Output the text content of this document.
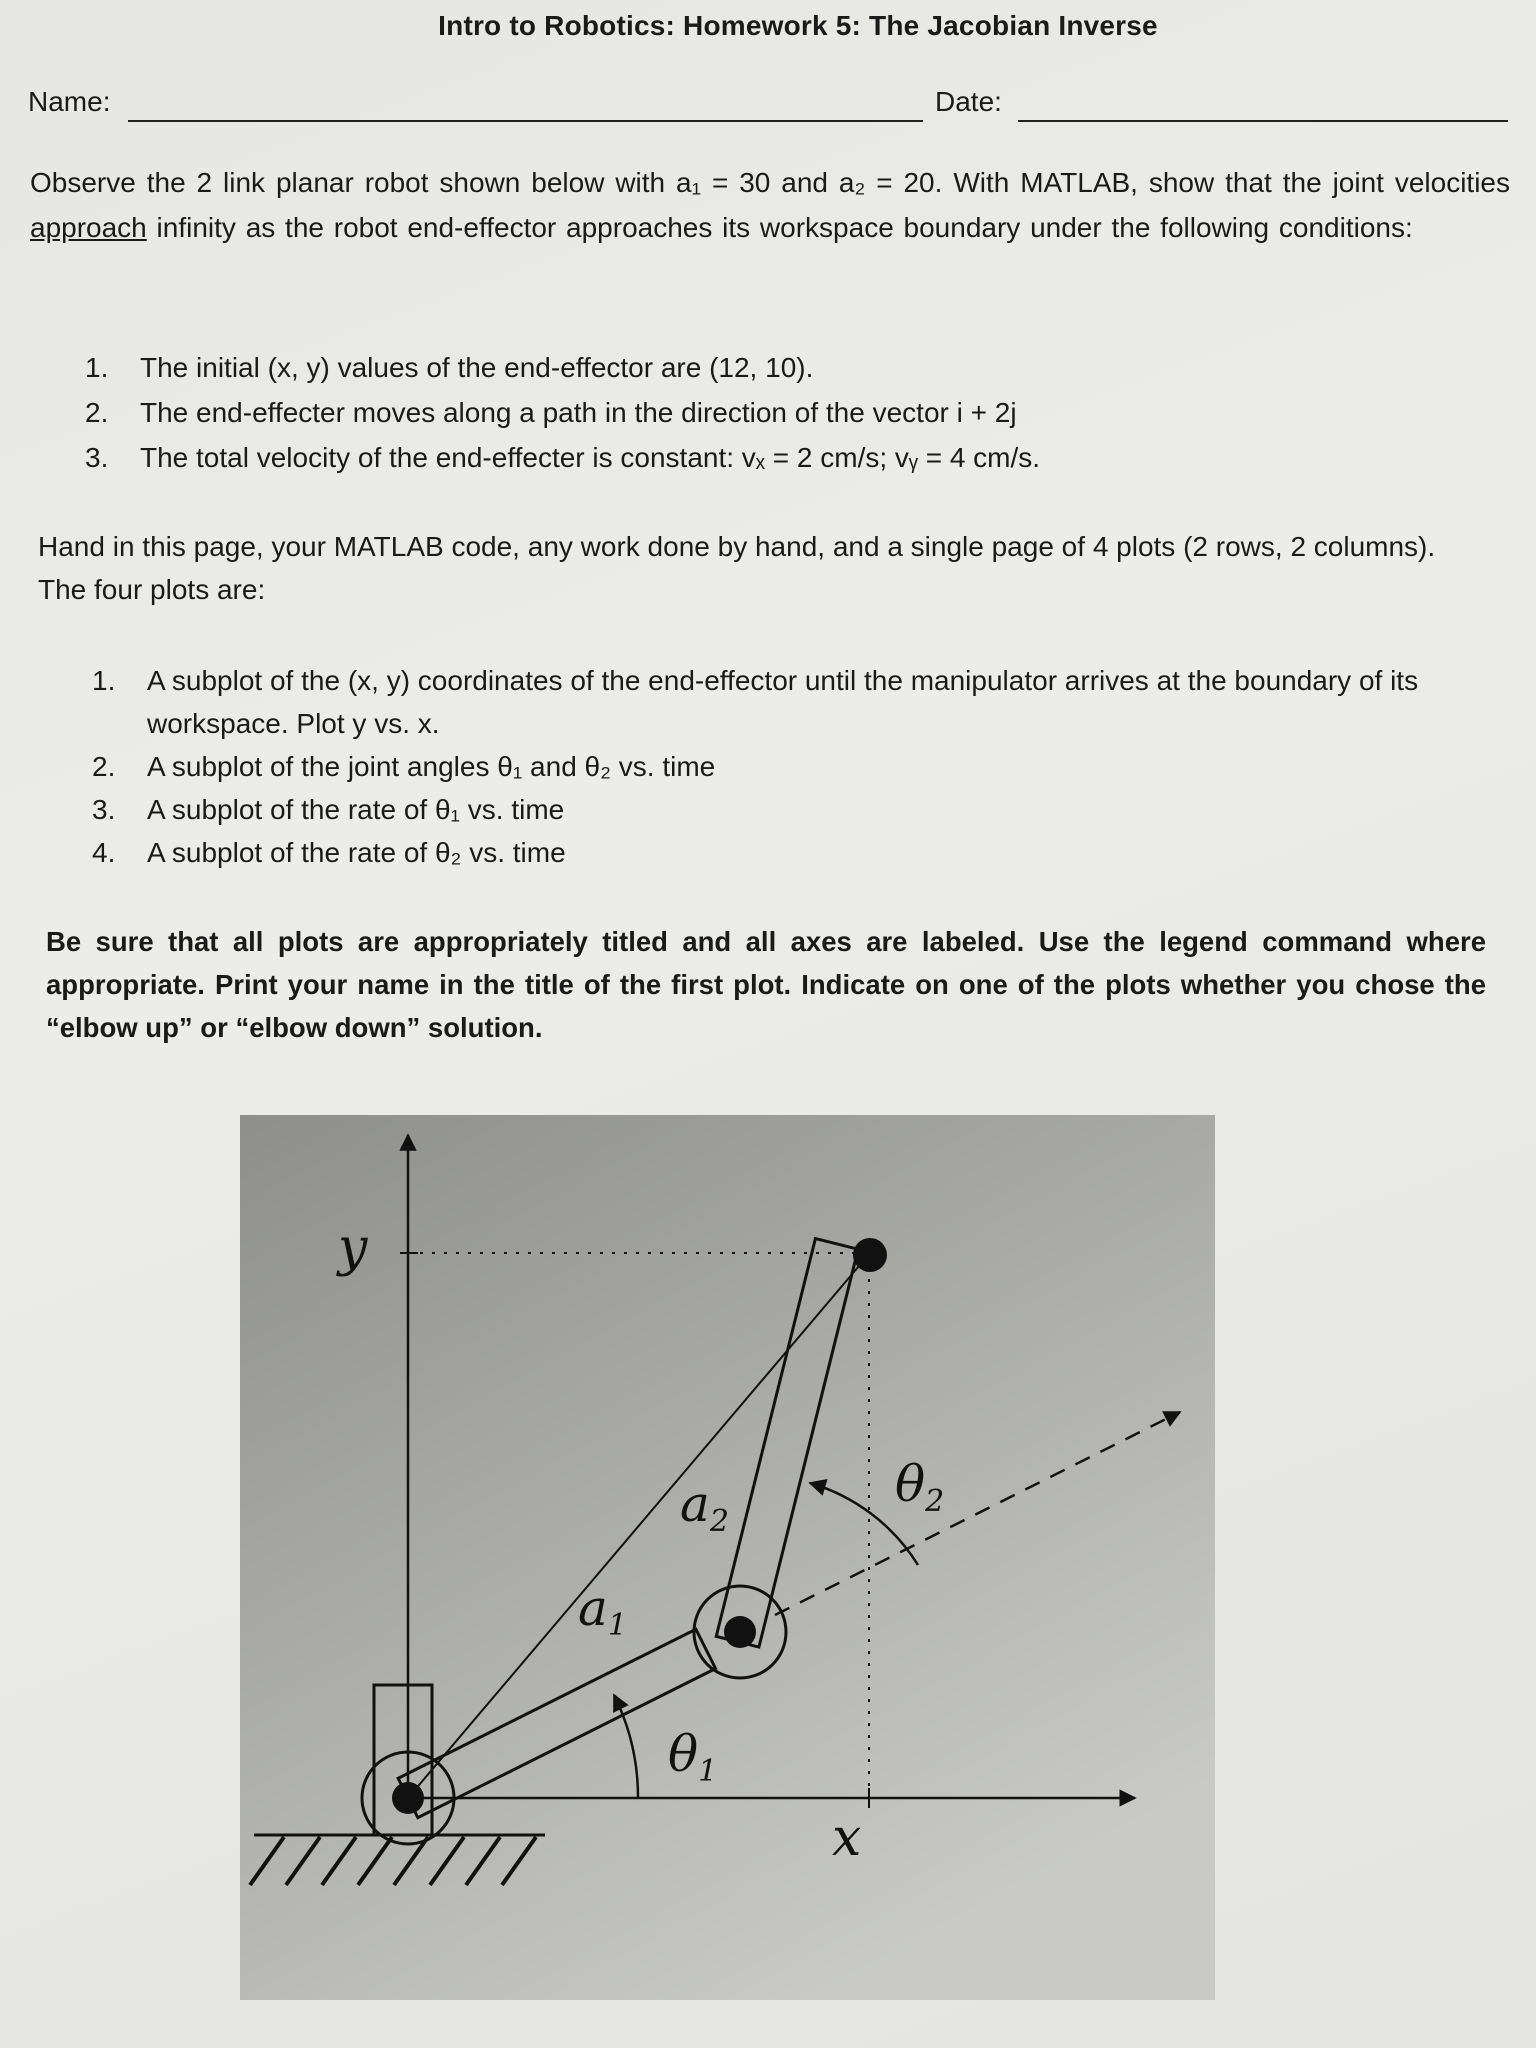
Intro to Robotics: Homework 5: The Jacobian Inverse
Name:	Date:
Observe the 2 link planar robot shown below with a₁ = 30 and a₂ = 20. With MATLAB, show that the joint velocities approach infinity as the robot end-effector approaches its workspace boundary under the following conditions:
1. The initial (x, y) values of the end-effector are (12, 10).
2. The end-effecter moves along a path in the direction of the vector i + 2j
3. The total velocity of the end-effecter is constant: vₓ = 2 cm/s; vᵧ = 4 cm/s.
Hand in this page, your MATLAB code, any work done by hand, and a single page of 4 plots (2 rows, 2 columns).
The four plots are:
1. A subplot of the (x, y) coordinates of the end-effector until the manipulator arrives at the boundary of its workspace. Plot y vs. x.
2. A subplot of the joint angles θ₁ and θ₂ vs. time
3. A subplot of the rate of θ₁ vs. time
4. A subplot of the rate of θ₂ vs. time
Be sure that all plots are appropriately titled and all axes are labeled. Use the legend command where appropriate. Print your name in the title of the first plot. Indicate on one of the plots whether you chose the “elbow up” or “elbow down” solution.
y
x
$a_1$
$a_2$
$\theta_1$
$\theta_2$
